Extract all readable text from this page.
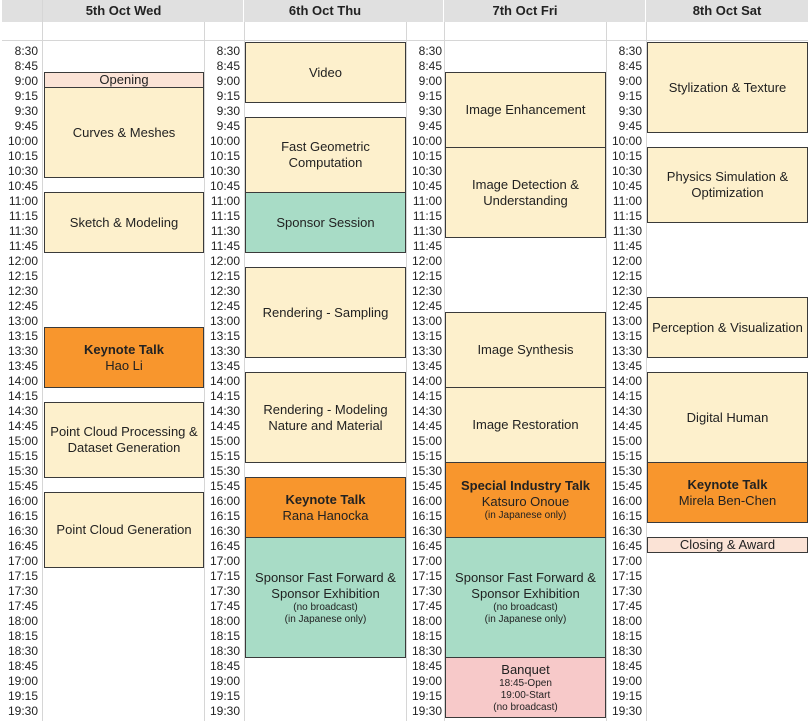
5th Oct Wed
8:30
8:45
9:00
9:15
9:30
9:45
10:00
10:15
10:30
10:45
11:00
11:15
11:30
11:45
12:00
12:15
12:30
12:45
13:00
13:15
13:30
13:45
14:00
14:15
14:30
14:45
15:00
15:15
15:30
15:45
16:00
16:15
16:30
16:45
17:00
17:15
17:30
17:45
18:00
18:15
18:30
18:45
19:00
19:15
19:30
Opening
Curves & Meshes
Sketch & Modeling
Keynote Talk
Hao Li
Point Cloud Processing & Dataset Generation
Point Cloud Generation
6th Oct Thu
8:30
8:45
9:00
9:15
9:30
9:45
10:00
10:15
10:30
10:45
11:00
11:15
11:30
11:45
12:00
12:15
12:30
12:45
13:00
13:15
13:30
13:45
14:00
14:15
14:30
14:45
15:00
15:15
15:30
15:45
16:00
16:15
16:30
16:45
17:00
17:15
17:30
17:45
18:00
18:15
18:30
18:45
19:00
19:15
19:30
Video
Fast Geometric Computation
Sponsor Session
Rendering - Sampling
Rendering - Modeling Nature and Material
Keynote Talk
Rana Hanocka
Sponsor Fast Forward & Sponsor Exhibition
(no broadcast)
(in Japanese only)
7th Oct Fri
8:30
8:45
9:00
9:15
9:30
9:45
10:00
10:15
10:30
10:45
11:00
11:15
11:30
11:45
12:00
12:15
12:30
12:45
13:00
13:15
13:30
13:45
14:00
14:15
14:30
14:45
15:00
15:15
15:30
15:45
16:00
16:15
16:30
16:45
17:00
17:15
17:30
17:45
18:00
18:15
18:30
18:45
19:00
19:15
19:30
Image Enhancement
Image Detection & Understanding
Image Synthesis
Image Restoration
Special Industry Talk
Katsuro Onoue
(in Japanese only)
Sponsor Fast Forward & Sponsor Exhibition
(no broadcast)
(in Japanese only)
Banquet
18:45-Open
19:00-Start
(no broadcast)
8th Oct Sat
8:30
8:45
9:00
9:15
9:30
9:45
10:00
10:15
10:30
10:45
11:00
11:15
11:30
11:45
12:00
12:15
12:30
12:45
13:00
13:15
13:30
13:45
14:00
14:15
14:30
14:45
15:00
15:15
15:30
15:45
16:00
16:15
16:30
16:45
17:00
17:15
17:30
17:45
18:00
18:15
18:30
18:45
19:00
19:15
19:30
Stylization & Texture
Physics Simulation & Optimization
Perception & Visualization
Digital Human
Keynote Talk
Mirela Ben-Chen
Closing & Award
